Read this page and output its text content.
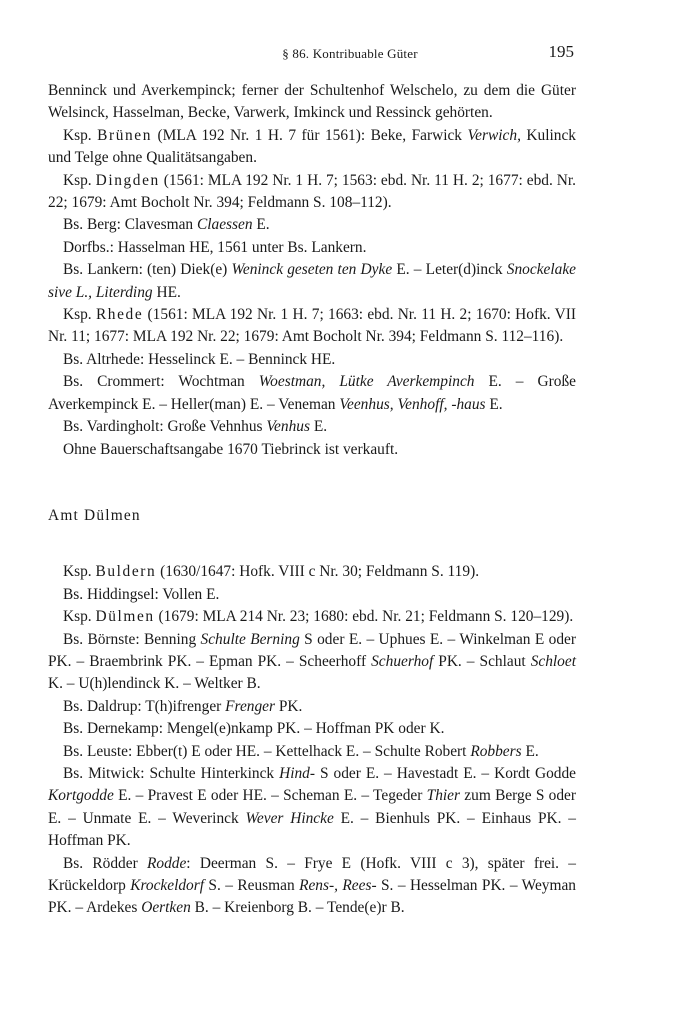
§ 86. Kontribuable Güter	195

Benninck und Averkempinck; ferner der Schultenhof Welschelo, zu dem die Güter Welsinck, Hasselman, Becke, Varwerk, Imkinck und Ressinck gehörten.

Ksp. Brünen (MLA 192 Nr. 1 H. 7 für 1561): Beke, Farwick Verwich, Kulinck und Telge ohne Qualitätsangaben.

Ksp. Dingden (1561: MLA 192 Nr. 1 H. 7; 1563: ebd. Nr. 11 H. 2; 1677: ebd. Nr. 22; 1679: Amt Bocholt Nr. 394; Feldmann S. 108–112).

Bs. Berg: Clavesman Claessen E.

Dorfbs.: Hasselman HE, 1561 unter Bs. Lankern.

Bs. Lankern: (ten) Diek(e) Weninck geseten ten Dyke E. – Leter(d)inck Snockelake sive L., Literding HE.

Ksp. Rhede (1561: MLA 192 Nr. 1 H. 7; 1663: ebd. Nr. 11 H. 2; 1670: Hofk. VII Nr. 11; 1677: MLA 192 Nr. 22; 1679: Amt Bocholt Nr. 394; Feldmann S. 112–116).

Bs. Altrhede: Hesselinck E. – Benninck HE.

Bs. Crommert: Wochtman Woestman, Lütke Averkempinch E. – Große Averkempinck E. – Heller(man) E. – Veneman Veenhus, Venhoff, -haus E.

Bs. Vardingholt: Große Vehnhus Venhus E.

Ohne Bauerschaftsangabe 1670 Tiebrinck ist verkauft.

Amt Dülmen

Ksp. Buldern (1630/1647: Hofk. VIII c Nr. 30; Feldmann S. 119).

Bs. Hiddingsel: Vollen E.

Ksp. Dülmen (1679: MLA 214 Nr. 23; 1680: ebd. Nr. 21; Feldmann S. 120–129).

Bs. Börnste: Benning Schulte Berning S oder E. – Uphues E. – Winkelman E oder PK. – Braembrink PK. – Epman PK. – Scheerhoff Schuerhof PK. – Schlaut Schloet K. – U(h)lendinck K. – Weltker B.

Bs. Daldrup: T(h)ifrenger Frenger PK.

Bs. Dernekamp: Mengel(e)nkamp PK. – Hoffman PK oder K.

Bs. Leuste: Ebber(t) E oder HE. – Kettelhack E. – Schulte Robert Robbers E.

Bs. Mitwick: Schulte Hinterkinck Hind- S oder E. – Havestadt E. – Kordt Godde Kortgodde E. – Pravest E oder HE. – Scheman E. – Tegeder Thier zum Berge S oder E. – Unmate E. – Weverinck Wever Hincke E. – Bienhuls PK. – Einhaus PK. – Hoffman PK.

Bs. Rödder Rodde: Deerman S. – Frye E (Hofk. VIII c 3), später frei. – Krückeldorp Krockeldorf S. – Reusman Rens-, Rees- S. – Hesselman PK. – Weyman PK. – Ardekes Oertken B. – Kreienborg B. – Tende(e)r B.
